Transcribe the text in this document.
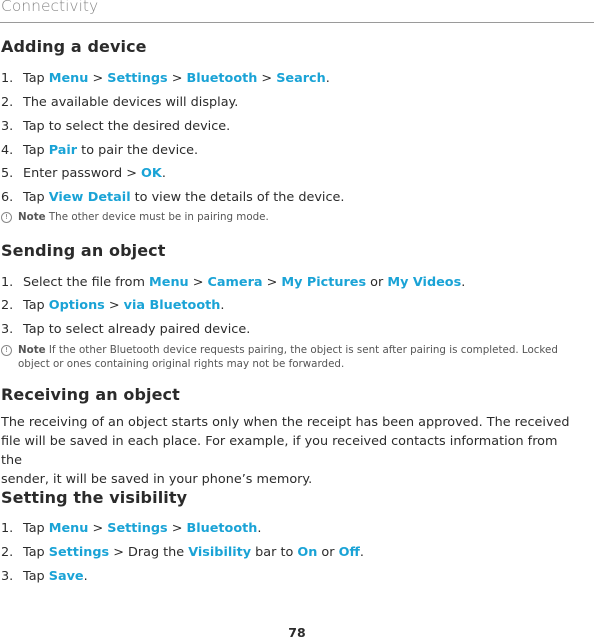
Connectivity
Adding a device
! Note The other device must be in pairing mode.
Sending an object
! Note If the other Bluetooth device requests pairing, the object is sent after pairing is completed. Locked
object or ones containing original rights may not be forwarded.
Receiving an object
The receiving of an object starts only when the receipt has been approved. The received
file will be saved in each place. For example, if you received contacts information from the
sender, it will be saved in your phone’s memory.
Setting the visibility
78
1. Tap Menu > Settings > Bluetooth > Search.
2. The available devices will display.
3. Tap to select the desired device.
4. Tap Pair to pair the device.
5. Enter password > OK.
6. Tap View Detail to view the details of the device.
1. Select the file from Menu > Camera > My Pictures or My Videos.
2. Tap Options > via Bluetooth.
3. Tap to select already paired device.
1. Tap Menu > Settings > Bluetooth.
2. Tap Settings > Drag the Visibility bar to On or Off.
3. Tap Save.
